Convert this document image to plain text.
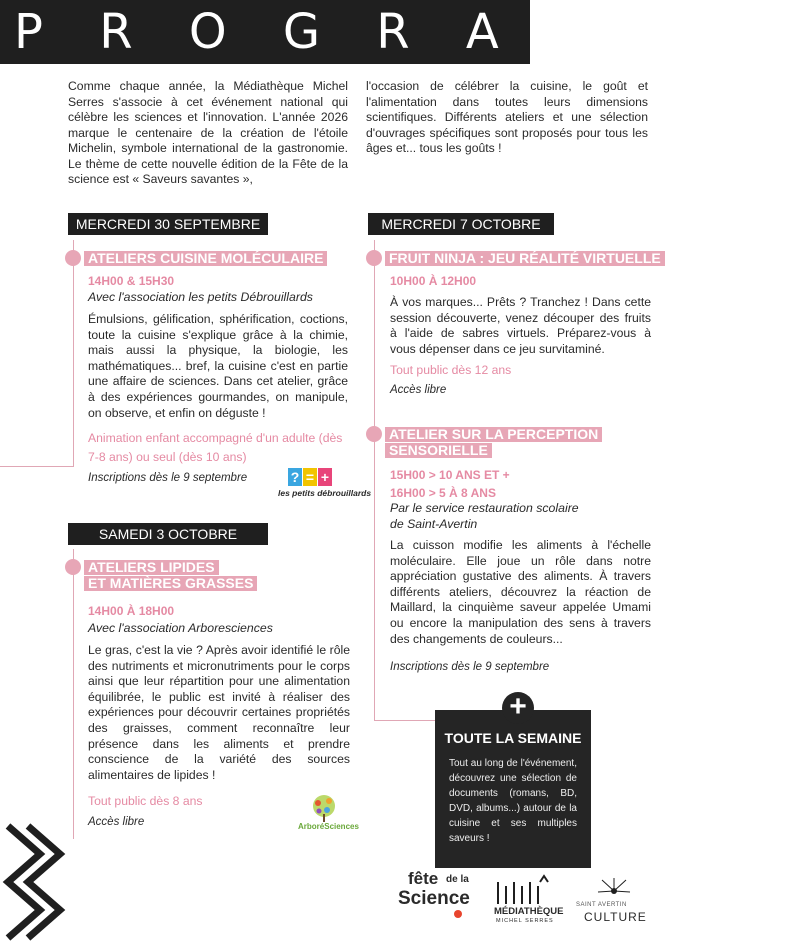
P R O G R A M M E
Comme chaque année, la Médiathèque Michel Serres s'associe à cet événement national qui célèbre les sciences et l'innovation. L'année 2026 marque le centenaire de la création de l'étoile Michelin, symbole international de la gastronomie. Le thème de cette nouvelle édition de la Fête de la science est « Saveurs savantes »,
l'occasion de célébrer la cuisine, le goût et l'alimentation dans toutes leurs dimensions scientifiques. Différents ateliers et une sélection d'ouvrages spécifiques sont proposés pour tous les âges et... tous les goûts !
MERCREDI 30 SEPTEMBRE	MERCREDI 7 OCTOBRE
SAMEDI 3 OCTOBRE
ATELIERS CUISINE MOLÉCULAIRE
14H00 & 15H30
Avec l'association les petits Débrouillards
Émulsions, gélification, sphérification, coctions, toute la cuisine s'explique grâce à la chimie, mais aussi la physique, la biologie, les mathématiques... bref, la cuisine c'est en partie une affaire de sciences. Dans cet atelier, grâce à des expériences gourmandes, on manipule, on observe, et enfin on déguste !
Animation enfant accompagné d'un adulte (dès 7-8 ans) ou seul (dès 10 ans)
Inscriptions dès le 9 septembre	? = +
les petits débrouillards
ATELIERS LIPIDES
ET MATIÈRES GRASSES
14H00 À 18H00
Avec l'association Arboresciences
Le gras, c'est la vie ? Après avoir identifié le rôle des nutriments et micronutriments pour le corps ainsi que leur répartition pour une alimentation équilibrée, le public est invité à réaliser des expériences pour découvrir certaines propriétés des graisses, comment reconnaître leur présence dans les aliments et prendre conscience de la variété des sources alimentaires de lipides !
Tout public dès 8 ans
Accès libre	ArboréSciences
FRUIT NINJA : JEU RÉALITÉ VIRTUELLE
10H00 À 12H00
À vos marques... Prêts ? Tranchez ! Dans cette session découverte, venez découper des fruits à l'aide de sabres virtuels. Préparez-vous à vous dépenser dans ce jeu survitaminé.
Tout public dès 12 ans
Accès libre
ATELIER SUR LA PERCEPTION
SENSORIELLE
15H00 > 10 ANS ET +
16H00 > 5 À 8 ANS
Par le service restauration scolaire de Saint-Avertin
La cuisson modifie les aliments à l'échelle moléculaire. Elle joue un rôle dans notre appréciation gustative des aliments. À travers différents ateliers, découvrez la réaction de Maillard, la cinquième saveur appelée Umami ou encore la manipulation des sens à travers des changements de couleurs...
Inscriptions dès le 9 septembre
TOUTE LA SEMAINE
Tout au long de l'événement, découvrez une sélection de documents (romans, BD, DVD, albums...) autour de la cuisine et ses multiples saveurs !
+
fête de la
Science
MÉDIATHÈQUE
MICHEL SERRES
SAINT AVERTIN
CULTURE
